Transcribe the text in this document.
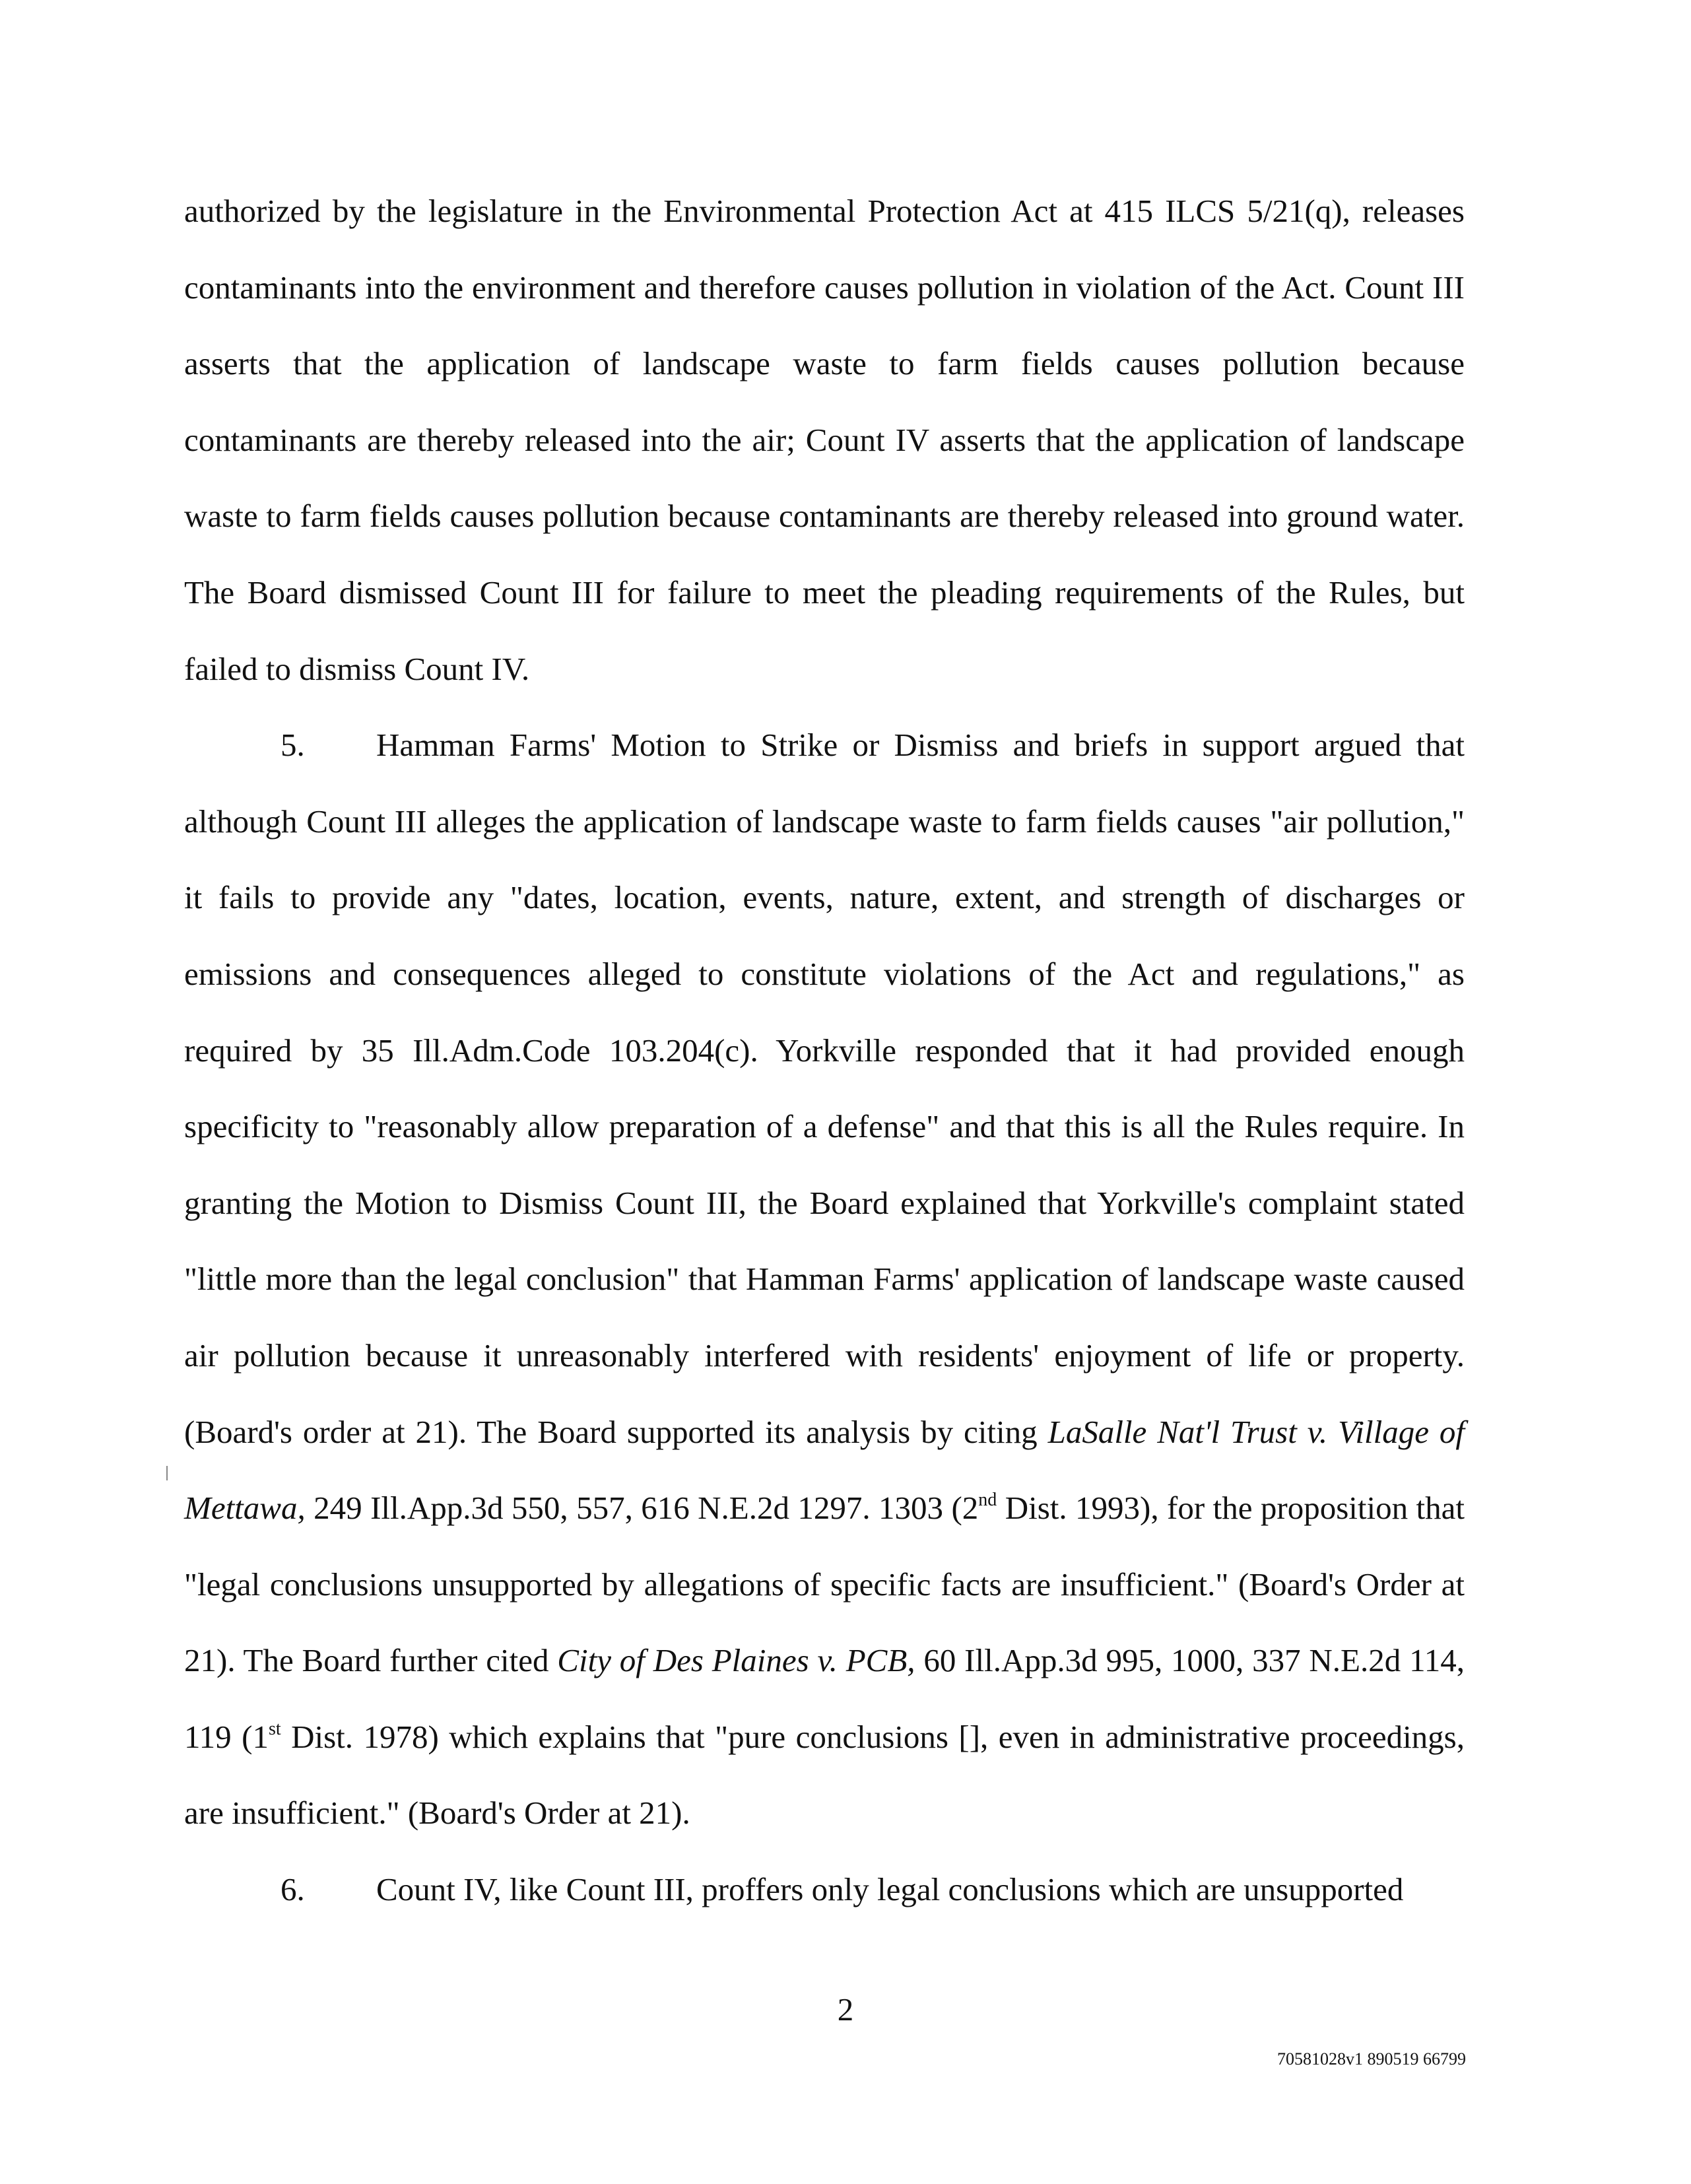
authorized by the legislature in the Environmental Protection Act at 415 ILCS 5/21(q), releases contaminants into the environment and therefore causes pollution in violation of the Act. Count III asserts that the application of landscape waste to farm fields causes pollution because contaminants are thereby released into the air; Count IV asserts that the application of landscape waste to farm fields causes pollution because contaminants are thereby released into ground water. The Board dismissed Count III for failure to meet the pleading requirements of the Rules, but failed to dismiss Count IV.

5. Hamman Farms' Motion to Strike or Dismiss and briefs in support argued that although Count III alleges the application of landscape waste to farm fields causes "air pollution," it fails to provide any "dates, location, events, nature, extent, and strength of discharges or emissions and consequences alleged to constitute violations of the Act and regulations," as required by 35 Ill.Adm.Code 103.204(c). Yorkville responded that it had provided enough specificity to "reasonably allow preparation of a defense" and that this is all the Rules require. In granting the Motion to Dismiss Count III, the Board explained that Yorkville's complaint stated "little more than the legal conclusion" that Hamman Farms' application of landscape waste caused air pollution because it unreasonably interfered with residents' enjoyment of life or property. (Board's order at 21). The Board supported its analysis by citing LaSalle Nat'l Trust v. Village of Mettawa, 249 Ill.App.3d 550, 557, 616 N.E.2d 1297. 1303 (2nd Dist. 1993), for the proposition that "legal conclusions unsupported by allegations of specific facts are insufficient." (Board's Order at 21). The Board further cited City of Des Plaines v. PCB, 60 Ill.App.3d 995, 1000, 337 N.E.2d 114, 119 (1st Dist. 1978) which explains that "pure conclusions [], even in administrative proceedings, are insufficient." (Board's Order at 21).

6. Count IV, like Count III, proffers only legal conclusions which are unsupported

2
70581028v1 890519 66799
